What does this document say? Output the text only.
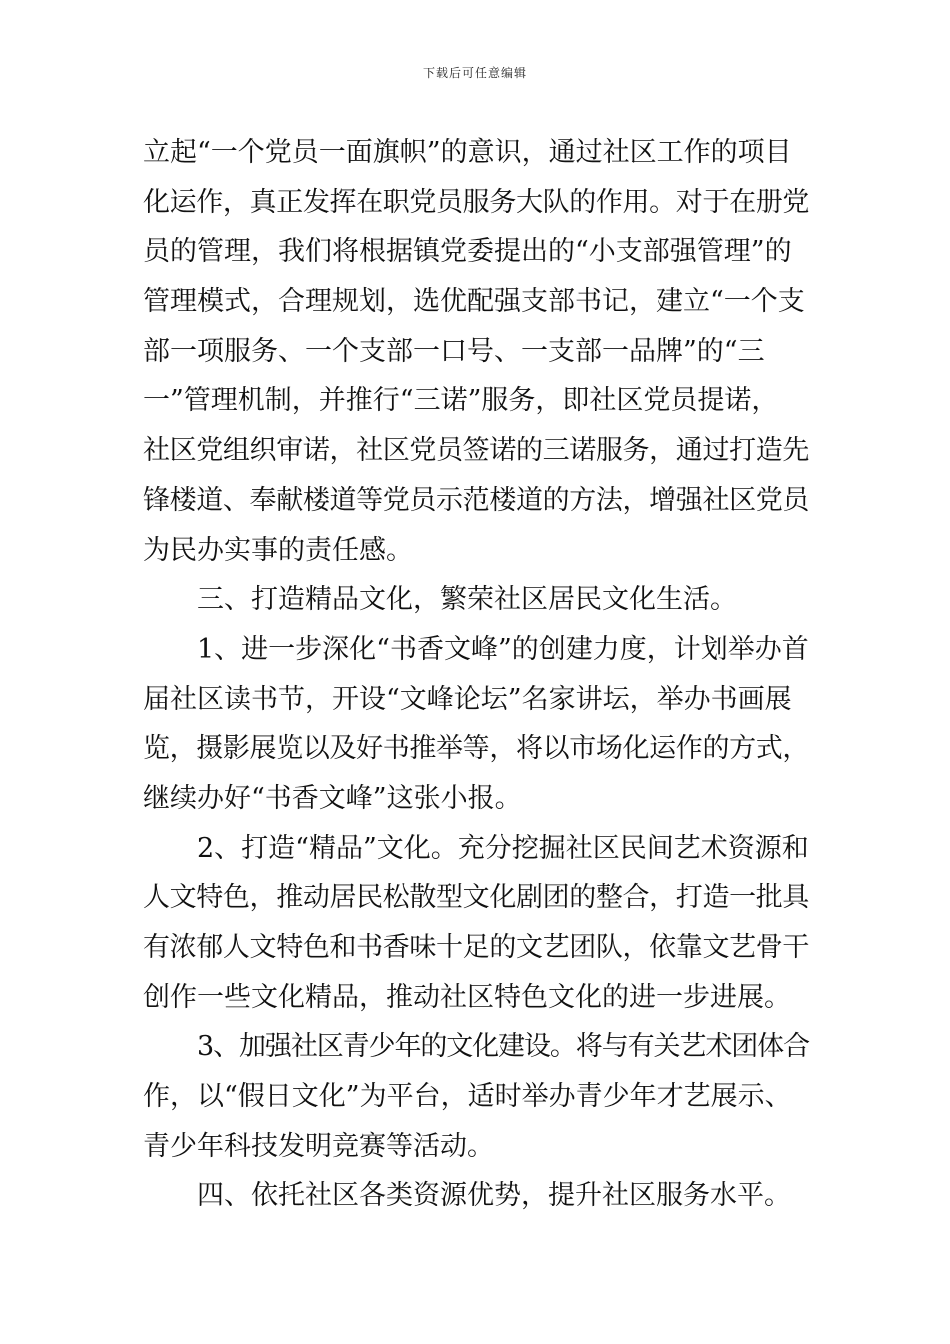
下载后可任意编辑
立起“一个党员一面旗帜”的意识，通过社区工作的项目
化运作，真正发挥在职党员服务大队的作用。对于在册党
员的管理，我们将根据镇党委提出的“小支部强管理”的
管理模式，合理规划，选优配强支部书记，建立“一个支
部一项服务、一个支部一口号、一支部一品牌”的“三
一”管理机制，并推行“三诺”服务，即社区党员提诺，
社区党组织审诺，社区党员签诺的三诺服务，通过打造先
锋楼道、奉献楼道等党员示范楼道的方法，增强社区党员
为民办实事的责任感。
三、打造精品文化，繁荣社区居民文化生活。
1、进一步深化“书香文峰”的创建力度，计划举办首
届社区读书节，开设“文峰论坛”名家讲坛，举办书画展
览，摄影展览以及好书推举等，将以市场化运作的方式，
继续办好“书香文峰”这张小报。
2、打造“精品”文化。充分挖掘社区民间艺术资源和
人文特色，推动居民松散型文化剧团的整合，打造一批具
有浓郁人文特色和书香味十足的文艺团队，依靠文艺骨干
创作一些文化精品，推动社区特色文化的进一步进展。
3、加强社区青少年的文化建设。将与有关艺术团体合
作，以“假日文化”为平台，适时举办青少年才艺展示、
青少年科技发明竞赛等活动。
四、依托社区各类资源优势，提升社区服务水平。
